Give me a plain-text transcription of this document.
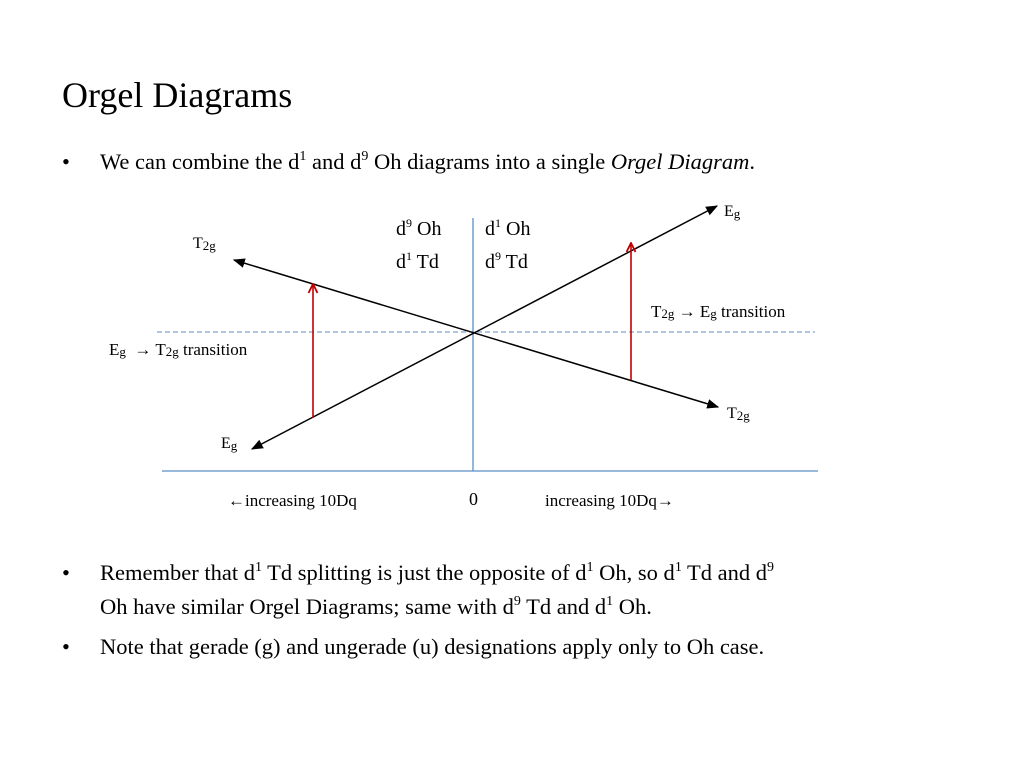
Orgel Diagrams
• We can combine the $d^1$ and $d^9$ Oh diagrams into a single Orgel Diagram.
$d^9$ Oh
$d^1$ Td
$d^1$ Oh
$d^9$ Td
Eg
T2g
T2g
Eg
T2g → Eg transition
Eg  → T2g transition
←increasing 10Dq	0	increasing 10Dq→
• Remember that $d^1$ Td splitting is just the opposite of $d^1$ Oh, so $d^1$ Td and $d^9$
Oh have similar Orgel Diagrams; same with $d^9$ Td and $d^1$ Oh.
• Note that gerade (g) and ungerade (u) designations apply only to Oh case.
